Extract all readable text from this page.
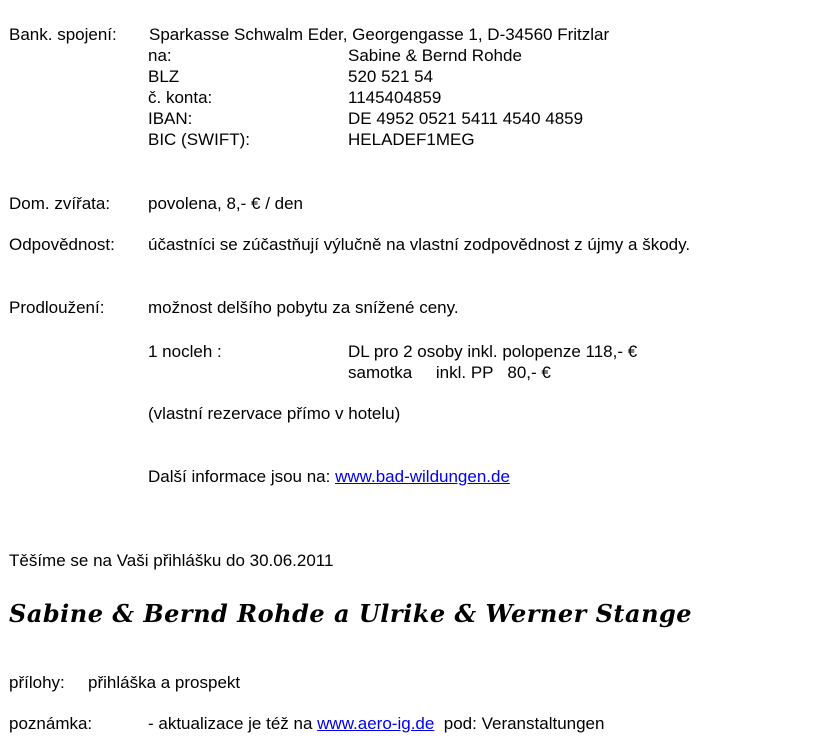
Bank. spojení: Sparkasse Schwalm Eder, Georgengasse 1, D-34560 Fritzlar
na:	Sabine & Bernd Rohde
BLZ	520 521 54
č. konta:	1145404859
IBAN:	DE 4952 0521 5411 4540 4859
BIC (SWIFT):	HELADEF1MEG
Dom. zvířata: povolena, 8,- € / den
Odpovědnost: účastníci se zúčastňují výlučně na vlastní zodpovědnost z újmy a škody.
Prodloužení:	možnost delšího pobytu za snížené ceny.
1 nocleh :	DL pro 2 osoby inkl. polopenze 118,- €
samotka     inkl. PP   80,- €
(vlastní rezervace přímo v hotelu)
Další informace jsou na: www.bad-wildungen.de
Těšíme se na Vaši přihlášku do 30.06.2011
Sabine & Bernd Rohde a Ulrike & Werner Stange
přílohy: přihláška a prospekt
poznámka:	- aktualizace je též na www.aero-ig.de  pod: Veranstaltungen
